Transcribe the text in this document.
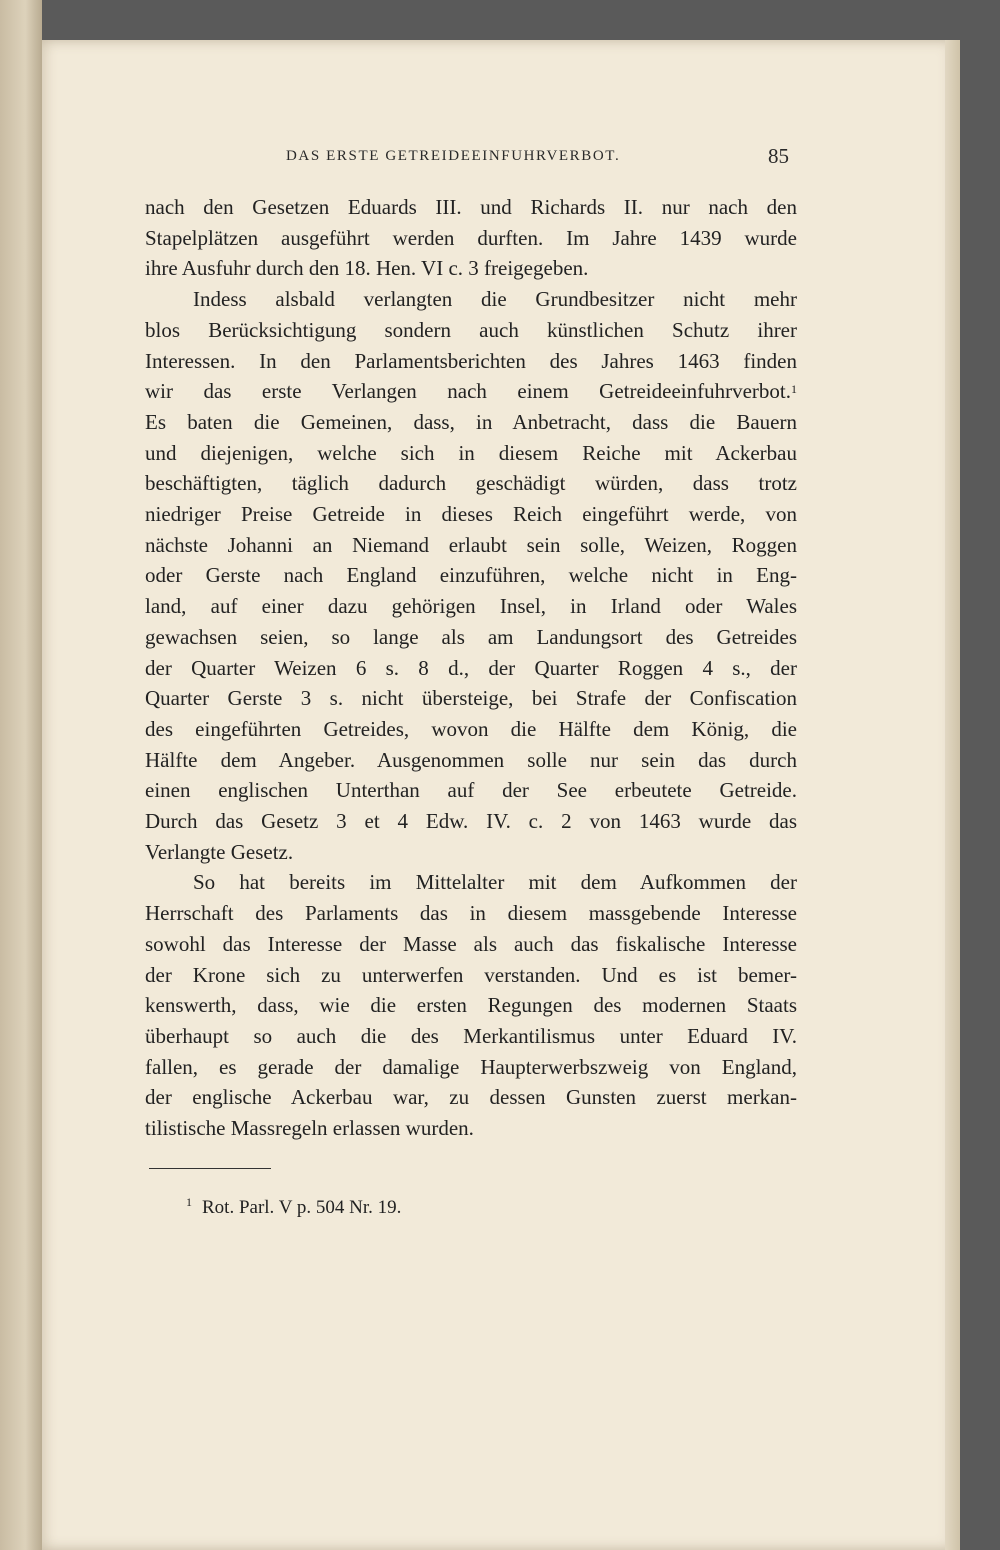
DAS ERSTE GETREIDEEINFUHRVERBOT.	85

nach den Gesetzen Eduards III. und Richards II. nur nach den

Stapelplätzen ausgeführt werden durften. Im Jahre 1439 wurde

ihre Ausfuhr durch den 18. Hen. VI c. 3 freigegeben.

Indess alsbald verlangten die Grundbesitzer nicht mehr

blos Berücksichtigung sondern auch künstlichen Schutz ihrer

Interessen. In den Parlamentsberichten des Jahres 1463 finden

wir das erste Verlangen nach einem Getreideeinfuhrverbot.$^1$

Es baten die Gemeinen, dass, in Anbetracht, dass die Bauern

und diejenigen, welche sich in diesem Reiche mit Ackerbau

beschäftigten, täglich dadurch geschädigt würden, dass trotz

niedriger Preise Getreide in dieses Reich eingeführt werde, von

nächste Johanni an Niemand erlaubt sein solle, Weizen, Roggen

oder Gerste nach England einzuführen, welche nicht in Eng-

land, auf einer dazu gehörigen Insel, in Irland oder Wales

gewachsen seien, so lange als am Landungsort des Getreides

der Quarter Weizen 6 s. 8 d., der Quarter Roggen 4 s., der

Quarter Gerste 3 s. nicht übersteige, bei Strafe der Confiscation

des eingeführten Getreides, wovon die Hälfte dem König, die

Hälfte dem Angeber. Ausgenommen solle nur sein das durch

einen englischen Unterthan auf der See erbeutete Getreide.

Durch das Gesetz 3 et 4 Edw. IV. c. 2 von 1463 wurde das

Verlangte Gesetz.

So hat bereits im Mittelalter mit dem Aufkommen der

Herrschaft des Parlaments das in diesem massgebende Interesse

sowohl das Interesse der Masse als auch das fiskalische Interesse

der Krone sich zu unterwerfen verstanden. Und es ist bemer-

kenswerth, dass, wie die ersten Regungen des modernen Staats

überhaupt so auch die des Merkantilismus unter Eduard IV.

fallen, es gerade der damalige Haupterwerbszweig von England,

der englische Ackerbau war, zu dessen Gunsten zuerst merkan-

tilistische Massregeln erlassen wurden.

$^1$ Rot. Parl. V p. 504 Nr. 19.
